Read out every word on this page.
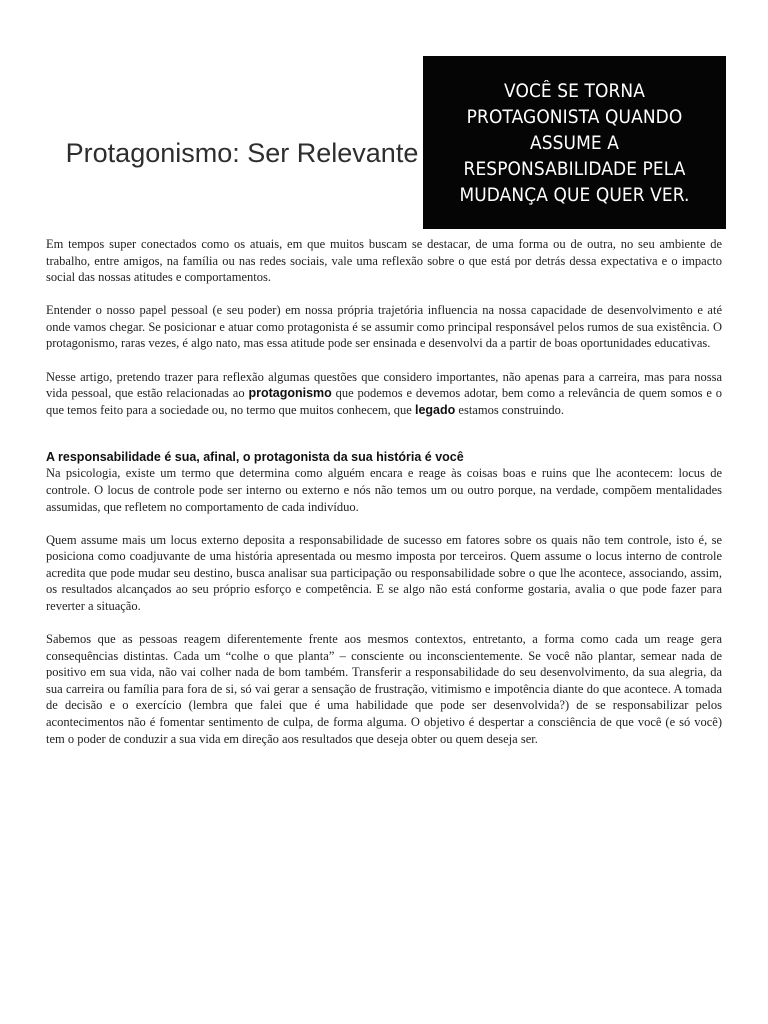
Protagonismo: Ser Relevante
VOCÊ SE TORNA PROTAGONISTA QUANDO ASSUME A RESPONSABILIDADE PELA MUDANÇA QUE QUER VER.

Em tempos super conectados como os atuais, em que muitos buscam se destacar, de uma forma ou de outra, no seu ambiente de trabalho, entre amigos, na família ou nas redes sociais, vale uma reflexão sobre o que está por detrás dessa expectativa e o impacto social das nossas atitudes e comportamentos.

Entender o nosso papel pessoal (e seu poder) em nossa própria trajetória influencia na nossa capacidade de desenvolvimento e até onde vamos chegar. Se posicionar e atuar como protagonista é se assumir como principal responsável pelos rumos de sua existência. O protagonismo, raras vezes, é algo nato, mas essa atitude pode ser ensinada e desenvolvi da a partir de boas oportunidades educativas.

Nesse artigo, pretendo trazer para reflexão algumas questões que considero importantes, não apenas para a carreira, mas para nossa vida pessoal, que estão relacionadas ao protagonismo que podemos e devemos adotar, bem como a relevância de quem somos e o que temos feito para a sociedade ou, no termo que muitos conhecem, que legado estamos construindo.

A responsabilidade é sua, afinal, o protagonista da sua história é você

Na psicologia, existe um termo que determina como alguém encara e reage às coisas boas e ruins que lhe acontecem: locus de controle. O locus de controle pode ser interno ou externo e nós não temos um ou outro porque, na verdade, compõem mentalidades assumidas, que refletem no comportamento de cada indivíduo.

Quem assume mais um locus externo deposita a responsabilidade de sucesso em fatores sobre os quais não tem controle, isto é, se posiciona como coadjuvante de uma história apresentada ou mesmo imposta por terceiros. Quem assume o locus interno de controle acredita que pode mudar seu destino, busca analisar sua participação ou responsabilidade sobre o que lhe acontece, associando, assim, os resultados alcançados ao seu próprio esforço e competência. E se algo não está conforme gostaria, avalia o que pode fazer para reverter a situação.

Sabemos que as pessoas reagem diferentemente frente aos mesmos contextos, entretanto, a forma como cada um reage gera consequências distintas. Cada um “colhe o que planta” – consciente ou inconscientemente. Se você não plantar, semear nada de positivo em sua vida, não vai colher nada de bom também. Transferir a responsabilidade do seu desenvolvimento, da sua alegria, da sua carreira ou família para fora de si, só vai gerar a sensação de frustração, vitimismo e impotência diante do que acontece. A tomada de decisão e o exercício (lembra que falei que é uma habilidade que pode ser desenvolvida?) de se responsabilizar pelos acontecimentos não é fomentar sentimento de culpa, de forma alguma. O objetivo é despertar a consciência de que você (e só você) tem o poder de conduzir a sua vida em direção aos resultados que deseja obter ou quem deseja ser.
